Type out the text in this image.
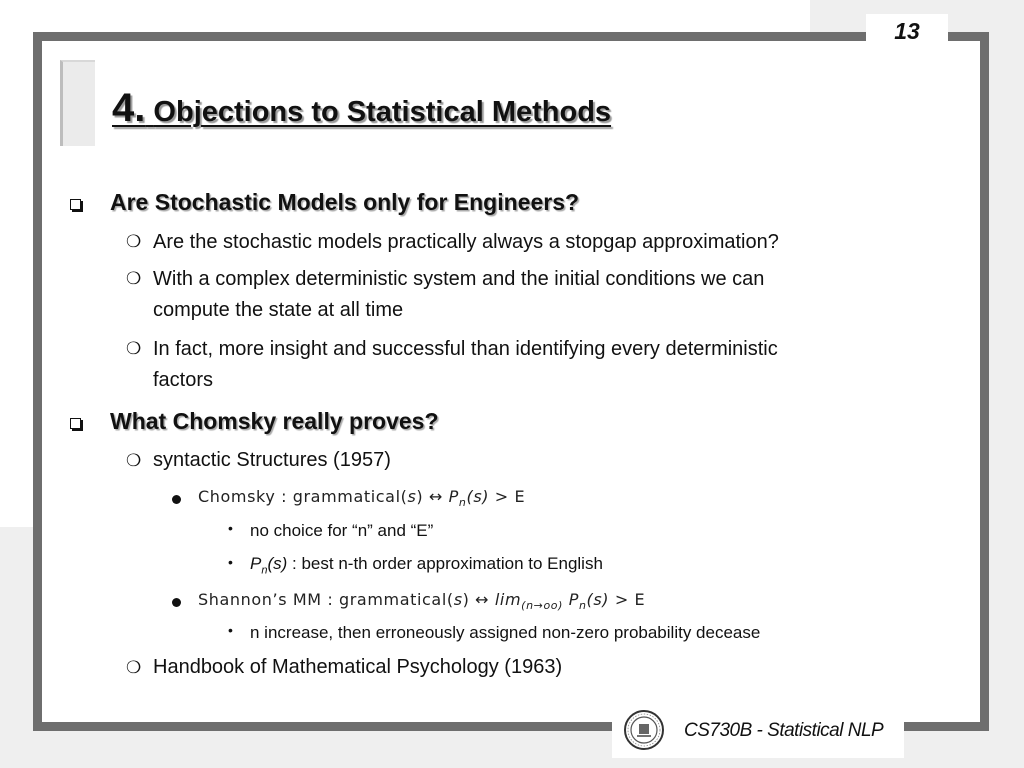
13
CS730B - Statistical NLP
4. Objections to Statistical Methods
Are Stochastic Models only for Engineers?
❍ Are the stochastic models practically always a stopgap approximation?
❍ With a complex deterministic system and the initial conditions we can
compute the state at all time
❍ In fact, more insight and successful than identifying every deterministic
factors
What Chomsky really proves?
❍ syntactic Structures (1957)
Chomsky : grammatical(s) ↔ $P_n(s) > E$
• no choice for “n” and “E”
• $P_n(s)$ : best n-th order approximation to English
Shannon’s MM : grammatical(s) ↔ $\lim_{(n\to oo)} P_n(s) > E$
• n increase, then erroneously assigned non-zero probability decease
❍ Handbook of Mathematical Psychology (1963)
